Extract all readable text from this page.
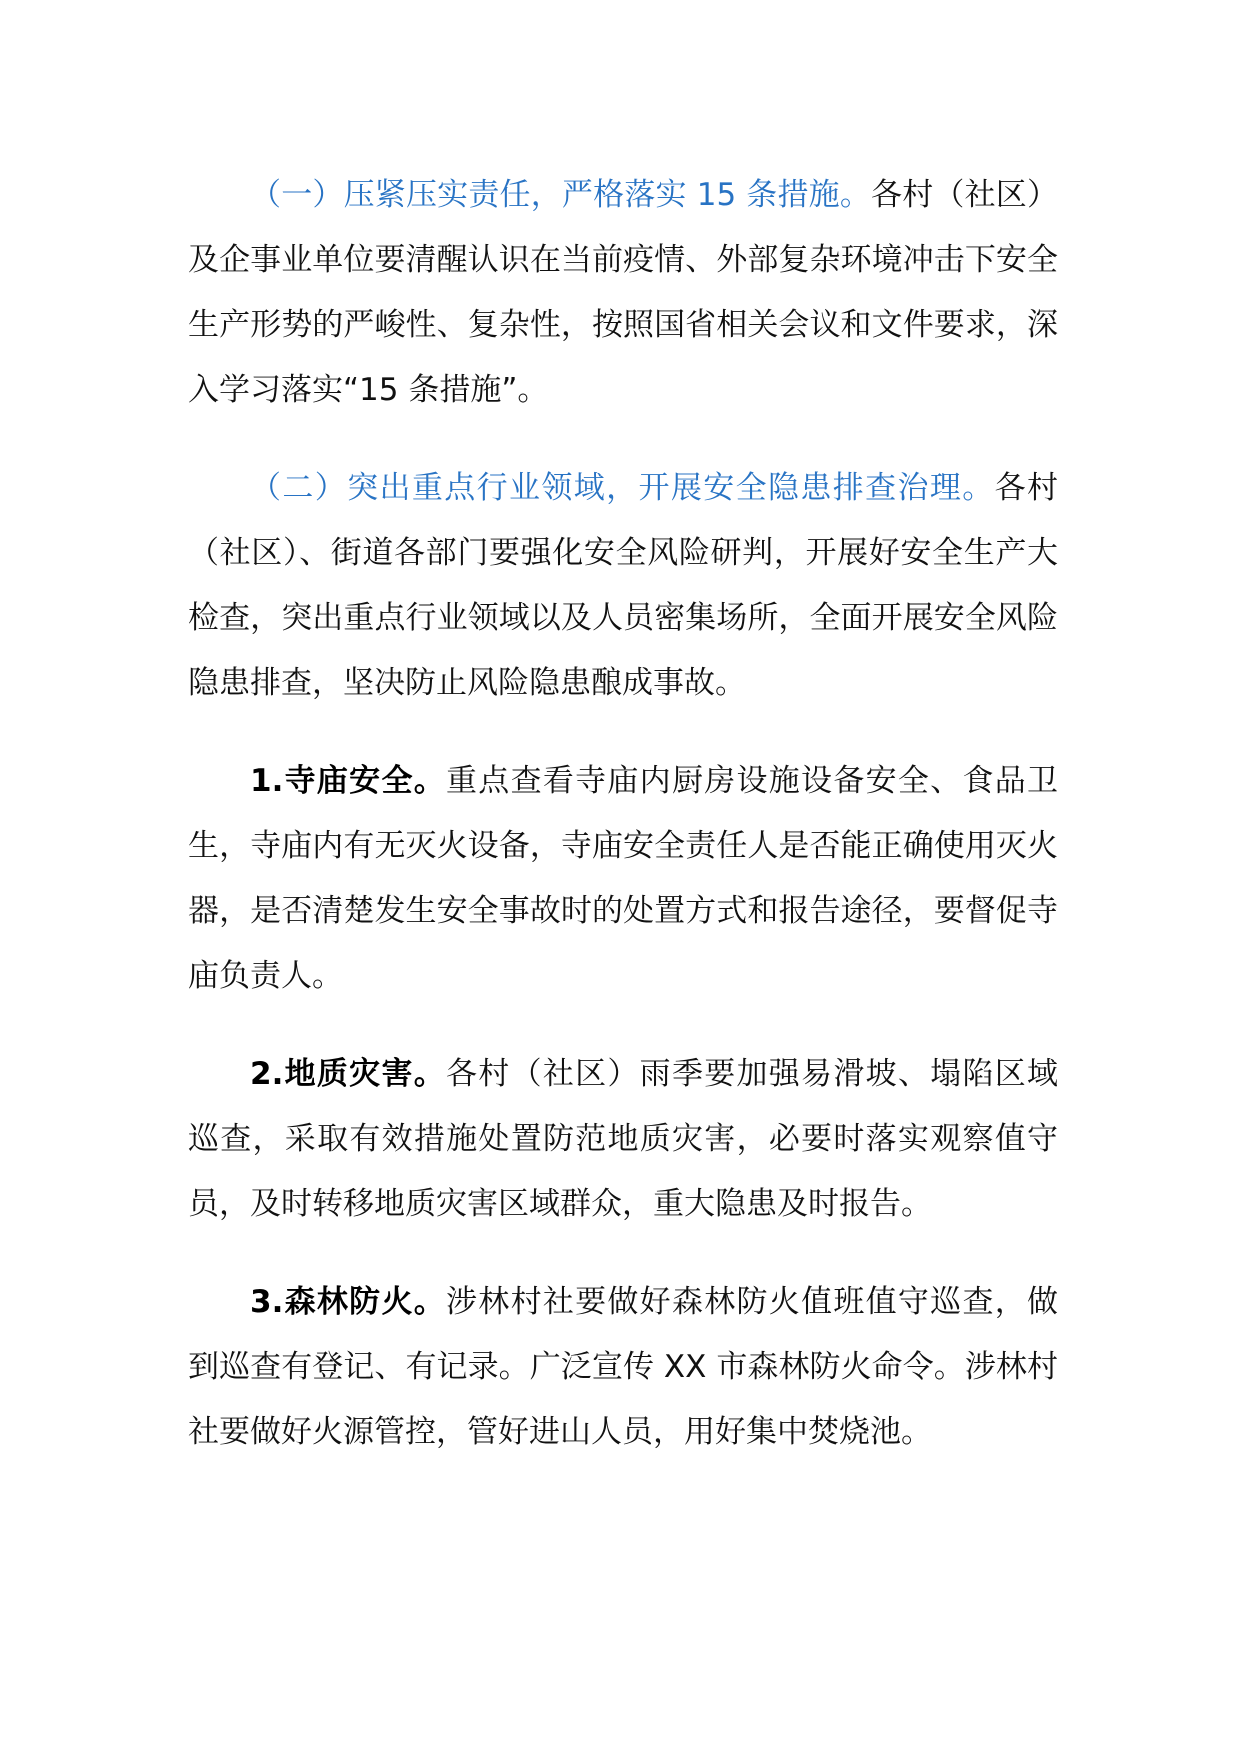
（一）压紧压实责任，严格落实 15 条措施。各村（社区）及企事业单位要清醒认识在当前疫情、外部复杂环境冲击下安全生产形势的严峻性、复杂性，按照国省相关会议和文件要求，深入学习落实“15 条措施”。

（二）突出重点行业领域，开展安全隐患排查治理。各村（社区）、街道各部门要强化安全风险研判，开展好安全生产大检查，突出重点行业领域以及人员密集场所，全面开展安全风险隐患排查，坚决防止风险隐患酿成事故。

1.寺庙安全。重点查看寺庙内厨房设施设备安全、食品卫生，寺庙内有无灭火设备，寺庙安全责任人是否能正确使用灭火器，是否清楚发生安全事故时的处置方式和报告途径，要督促寺庙负责人。

2.地质灾害。各村（社区）雨季要加强易滑坡、塌陷区域巡查，采取有效措施处置防范地质灾害，必要时落实观察值守员，及时转移地质灾害区域群众，重大隐患及时报告。

3.森林防火。涉林村社要做好森林防火值班值守巡查，做到巡查有登记、有记录。广泛宣传 XX 市森林防火命令。涉林村社要做好火源管控，管好进山人员，用好集中焚烧池。
